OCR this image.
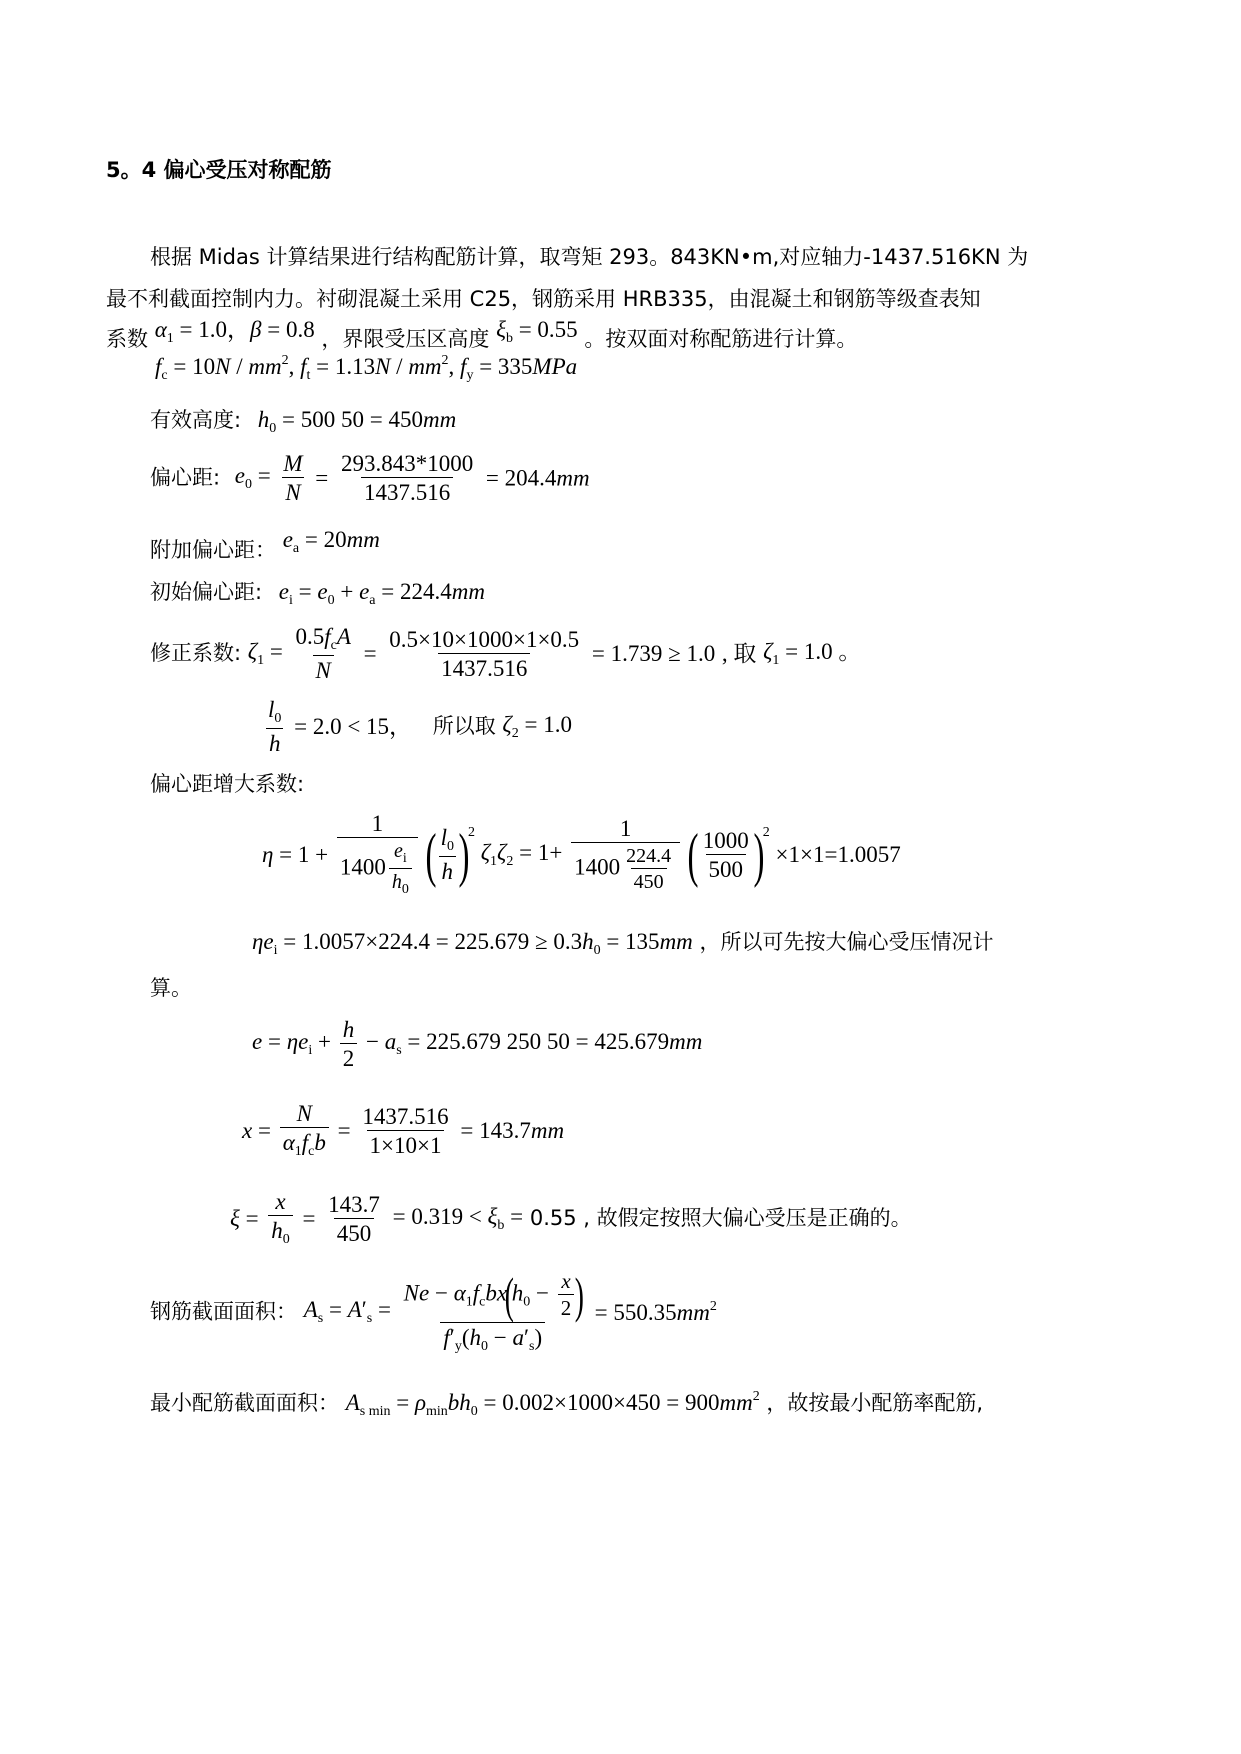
5。4 偏心受压对称配筋
根据 Midas 计算结果进行结构配筋计算，取弯矩 293。843KN•m,对应轴力-1437.516KN 为
最不利截面控制内力。衬砌混凝土采用 C25，钢筋采用 HRB335，由混凝土和钢筋等级查表知
系数 $\alpha_1 = 1.0$，β = 0.8 ，界限受压区高度 $\xi_b = 0.55$ 。按双面对称配筋进行计算。
$f_c = 10N / mm^2$, $f_t = 1.13N / mm^2$, $f_y = 335MPa$
有效高度: $h_0 = 500$ 50 = 450mm
偏心距: $e_0 = \frac{M}{N} = \frac{293.843*1000}{1437.516} = 204.4mm$
附加偏心距： $e_a = 20mm$
初始偏心距: $e_i = e_0 + e_a = 224.4mm$
修正系数: $\zeta_1$ =
$0.5f_cA$
N
= $\frac{0.5\times 10\times 1000\times 1\times 0.5}{1437.516} = 1.739 \ge 1.0$ , 取 $\zeta_1 = 1.0$ 。
$\frac{l_0}{h} = 2.0 < 15$， 所以取 $\zeta_2 = 1.0$
偏心距增大系数:
η = 1 +
1
$1400 \frac{e_i}{h_0}$ ( $\frac{l_0}{h} )^2$ $\zeta_1\zeta_2 = 1+ \frac{1}{1400 \frac{224.4}{450}}$ ( $\frac{1000}{500} )^2 \times 1\times 1=1.0057$
$\eta e_i = 1.0057\times 224.4 = 225.679 \ge 0.3h_0 = 135mm$ ，所以可先按大偏心受压情况计
算。
$e = \eta e_i + \frac{h}{2} - a_s = 225.679$ 250 50 = 425.679mm
x =
N
$\alpha_1f_cb = \frac{1437.516}{1\times 10\times 1} = 143.7mm$
$\xi = \frac{x}{h_0} = \frac{143.7}{450} = 0.319 < \xi_b = 0.55$ , 故假定按照大偏心受压是正确的。
钢筋截面面积： $A_s = A'_s$ =
$Ne - \alpha_1f_cbx(h_0 - \frac{x}{2}$ )
$f'_y(h_0 - a'_s)$
= $550.35mm^2$
最小配筋截面面积： $A_{s min} = \rho_{min}bh_0 = 0.002\times 1000\times 450 = 900mm^2$ ，故按最小配筋率配筋,
